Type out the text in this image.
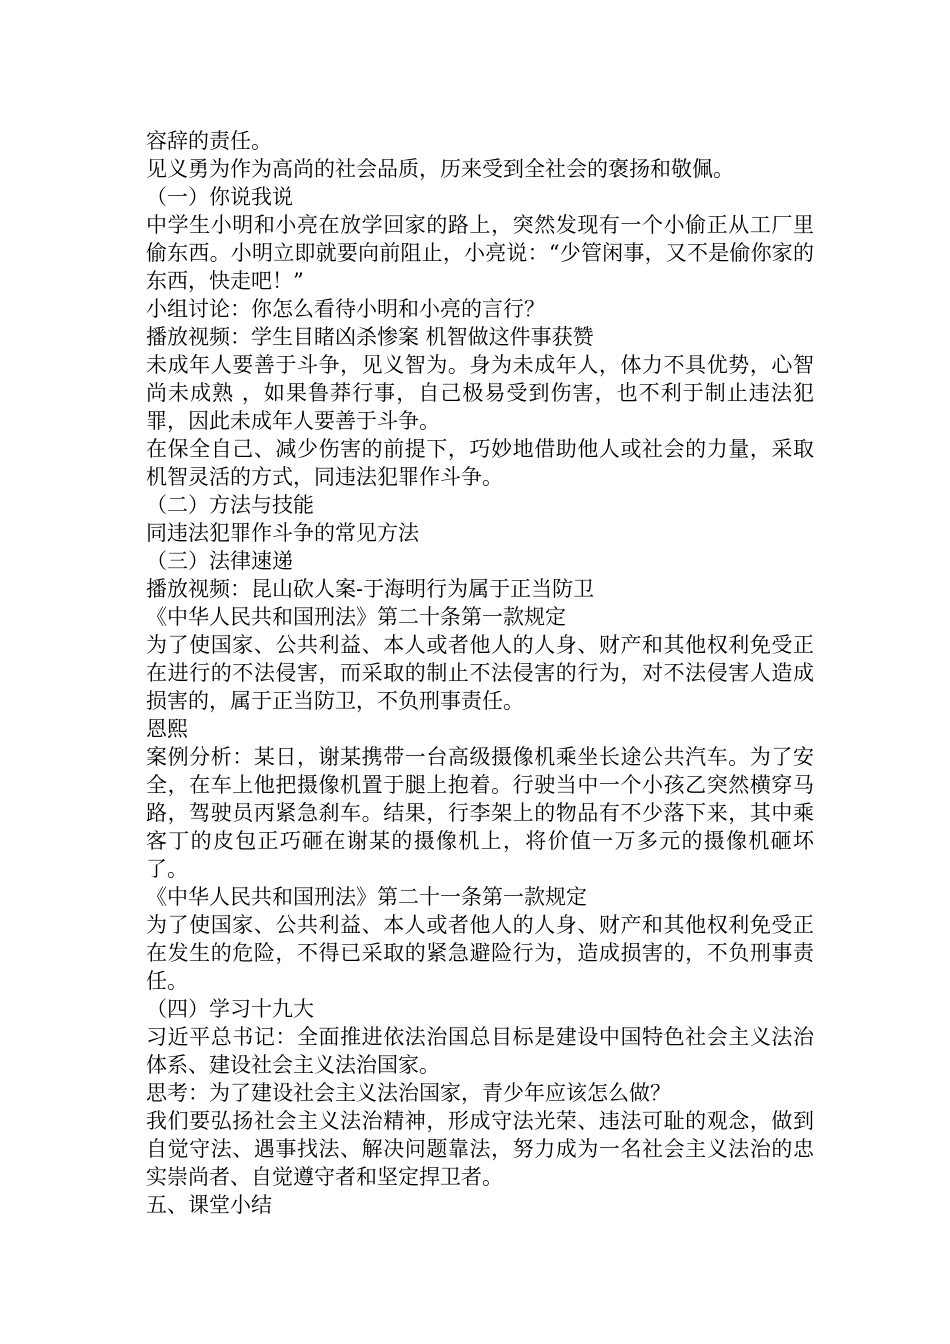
容辞的责任。

见义勇为作为高尚的社会品质，历来受到全社会的褒扬和敬佩。

（一）你说我说

中学生小明和小亮在放学回家的路上，突然发现有一个小偷正从工厂里偷东西。小明立即就要向前阻止，小亮说：“少管闲事，又不是偷你家的东西，快走吧！”

小组讨论：你怎么看待小明和小亮的言行？

播放视频：学生目睹凶杀惨案 机智做这件事获赞

未成年人要善于斗争，见义智为。身为未成年人，体力不具优势，心智尚未成熟 ，如果鲁莽行事，自己极易受到伤害，也不利于制止违法犯罪，因此未成年人要善于斗争。

在保全自己、减少伤害的前提下，巧妙地借助他人或社会的力量，采取机智灵活的方式，同违法犯罪作斗争。

（二）方法与技能

同违法犯罪作斗争的常见方法

（三）法律速递

播放视频：昆山砍人案-于海明行为属于正当防卫

《中华人民共和国刑法》第二十条第一款规定

为了使国家、公共利益、本人或者他人的人身、财产和其他权利免受正在进行的不法侵害，而采取的制止不法侵害的行为，对不法侵害人造成损害的，属于正当防卫，不负刑事责任。

恩熙

案例分析：某日，谢某携带一台高级摄像机乘坐长途公共汽车。为了安全，在车上他把摄像机置于腿上抱着。行驶当中一个小孩乙突然横穿马路，驾驶员丙紧急刹车。结果，行李架上的物品有不少落下来，其中乘客丁的皮包正巧砸在谢某的摄像机上，将价值一万多元的摄像机砸坏了。

《中华人民共和国刑法》第二十一条第一款规定

为了使国家、公共利益、本人或者他人的人身、财产和其他权利免受正在发生的危险，不得已采取的紧急避险行为，造成损害的，不负刑事责任。

（四）学习十九大

习近平总书记：全面推进依法治国总目标是建设中国特色社会主义法治体系、建设社会主义法治国家。

思考：为了建设社会主义法治国家，青少年应该怎么做？

我们要弘扬社会主义法治精神，形成守法光荣、违法可耻的观念，做到自觉守法、遇事找法、解决问题靠法，努力成为一名社会主义法治的忠实崇尚者、自觉遵守者和坚定捍卫者。

五、课堂小结
